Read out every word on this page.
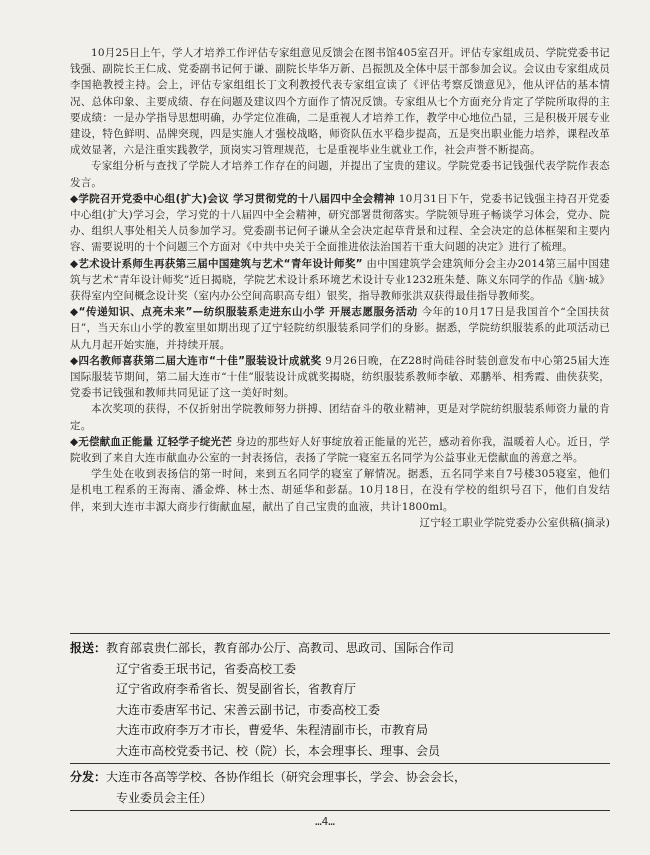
10月25日上午，学人才培养工作评估专家组意见反馈会在图书馆405室召开。评估专家组成员、学院党委书记钱强、副院长王仁成、党委副书记何于谦、副院长毕华万新、吕振凯及全体中层干部参加会议。会议由专家组成员李国艳教授主持。会上，评估专家组组长丁文利教授代表专家组宣读了《评估考察反馈意见》，他从评估的基本情况、总体印象、主要成绩、存在问题及建议四个方面作了情况反馈。专家组从七个方面充分肯定了学院所取得的主要成绩：一是办学指导思想明确，办学定位准确，二是重视人才培养工作，教学中心地位凸显，三是积极开展专业建设，特色鲜明、品牌突现，四是实施人才强校战略，师资队伍水平稳步提高，五是突出职业能力培养，课程改革成效显著，六是注重实践教学，顶岗实习管理规范，七是重视毕业生就业工作，社会声誉不断提高。

专家组分析与查找了学院人才培养工作存在的问题，并提出了宝贵的建议。学院党委书记钱强代表学院作表态发言。

◆学院召开党委中心组(扩大)会议 学习贯彻党的十八届四中全会精神 10月31日下午，党委书记钱强主持召开党委中心组(扩大)学习会，学习党的十八届四中全会精神，研究部署贯彻落实。学院领导班子畅谈学习体会，党办、院办、组织人事处相关人员参加学习。党委副书记何子谦从全会决定起草背景和过程、全会决定的总体框架和主要内容、需要说明的十个问题三个方面对《中共中央关于全面推进依法治国若干重大问题的决定》进行了梳理。

◆艺术设计系师生再获第三届中国建筑与艺术“青年设计师奖” 由中国建筑学会建筑师分会主办2014第三届中国建筑与艺术“青年设计师奖”近日揭晓，学院艺术设计系环境艺术设计专业1232班朱楚、陈义东同学的作品《脑·城》获得室内空间概念设计奖（室内办公空间高职高专组）银奖，指导教师张洪双获得最佳指导教师奖。

◆“传递知识、点亮未来”—纺织服装系走进东山小学 开展志愿服务活动 今年的10月17日是我国首个“全国扶贫日”，当天东山小学的教室里如期出现了辽宁轻院纺织服装系同学们的身影。据悉，学院纺织服装系的此项活动已从九月起开始实施，并持续开展。

◆四名教师喜获第二届大连市“十佳”服装设计成就奖 9月26日晚，在Z28时尚硅谷时装创意发布中心第25届大连国际服装节期间，第二届大连市“十佳”服装设计成就奖揭晓，纺织服装系教师李敏、邓鹏举、相秀霞、曲侠获奖，党委书记钱强和教师共同见证了这一美好时刻。

本次奖项的获得，不仅折射出学院教师努力拼搏、团结奋斗的敬业精神，更是对学院纺织服装系师资力量的肯定。

◆无偿献血正能量 辽轻学子绽光芒 身边的那些好人好事绽放着正能量的光芒，感动着你我，温暖着人心。近日，学院收到了来自大连市献血办公室的一封表扬信，表扬了学院一寝室五名同学为公益事业无偿献血的善意之举。

学生处在收到表扬信的第一时间，来到五名同学的寝室了解情况。据悉，五名同学来自7号楼305寝室，他们是机电工程系的王海南、潘金烨、林士杰、胡延华和彭磊。10月18日，在没有学校的组织号召下，他们自发结伴，来到大连市丰源大商步行街献血屋，献出了自己宝贵的血液，共计1800ml。
辽宁轻工职业学院党委办公室供稿(摘录)

报送：教育部袁贵仁部长，教育部办公厅、高教司、思政司、国际合作司
辽宁省委王珉书记，省委高校工委
辽宁省政府李希省长、贺旻副省长，省教育厅
大连市委唐军书记、宋善云副书记，市委高校工委
大连市政府李万才市长，曹爱华、朱程清副市长，市教育局
大连市高校党委书记、校（院）长，本会理事长、理事、会员
分发：大连市各高等学校、各协作组长（研究会理事长，学会、协会会长，
专业委员会主任）
…4…
